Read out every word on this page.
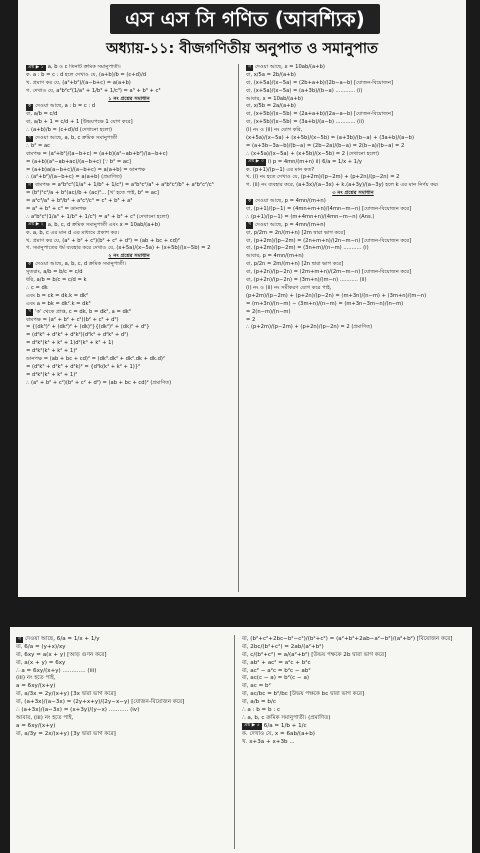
এস এস সি গণিত (আবশ্যিক)
অধ্যায়-১১: বীজগণিতীয় অনুপাত ও সমানুপাত
প্রশ্ন ▶ ১ a, b ও c তিনটি ক্রমিক সমানুপাতী।
ক. a : b = c : d হলে দেখাও যে, (a+b)/b = (c+d)/d
খ. প্রমাণ কর যে, (a²+b²)/(a−b+c) = a(a+b)
গ. দেখাও যে, a²b²c²(1/a³ + 1/b³ + 1/c³) = a³ + b³ + c³
১ নং প্রশ্নের সমাধান
ক দেওয়া আছে, a : b = c : d
বা, a/b = c/d
বা, a/b + 1 = c/d + 1 [উভয়পক্ষে 1 যোগ করে]
∴ (a+b)/b = (c+d)/d (দেখানো হলো)
খ দেওয়া আছে, a, b, c ক্রমিক সমানুপাতী
∴ b² = ac
বামপক্ষ = (a²+b²)/(a−b+c) = (a+b)(a²−ab+b²)/(a−b+c)
= (a+b)(a²−ab+ac)/(a−b+c) [∵ b² = ac]
= (a+b)a(a−b+c)/(a−b+c) = a(a+b) = ডানপক্ষ
∴ (a²+b²)/(a−b+c) = a(a+b) (প্রমাণিত)
গ বামপক্ষ = a²b²c²(1/a³ + 1/b³ + 1/c³) = a²b²c²/a³ + a²b²c²/b³ + a²b²c²/c³
= (b²)²c²/a + b²(ac)/b + (ac)²... [খ' হতে পাই, b² = ac]
= a⁴c³/a³ + b⁶/b³ + a³c⁴/c³ = c³ + b³ + a³
= a³ + b³ + c³ = ডানপক্ষ
∴ a²b²c²(1/a³ + 1/b³ + 1/c³) = a³ + b³ + c³ (দেখানো হলো)
প্রশ্ন ▶ ২ a, b, c, d ক্রমিক সমানুপাতী এবং x = 10ab/(a+b)
ক. a, b, c এর মান d এর মাধ্যমে প্রকাশ কর।
খ. প্রমাণ কর যে, (a² + b² + c²)(b² + c² + d²) = (ab + bc + cd)²
গ. সমানুপাতের ধর্ম ব্যবহার করে দেখাও যে, (x+5a)/(x−5a) + (x+5b)/(x−5b) = 2
২ নং প্রশ্নের সমাধান
ক দেওয়া আছে, a, b, c, d ক্রমিক সমানুপাতী।
সুতরাং, a/b = b/c = c/d
ধরি, a/b = b/c = c/d = k
∴ c = dk
এবং b = ck = dk.k = dk²
এবং a = bk = dk².k = dk³
খ 'ক' থেকে প্রাপ্ত, c = dk, b = dk², a = dk³
বামপক্ষ = (a² + b² + c²)(b² + c² + d²)
= {(dk³)² + (dk²)² + (dk)²}{(dk²)² + (dk)² + d²}
= (d²k⁶ + d²k⁴ + d²k²)(d²k⁴ + d²k² + d²)
= d²k²(k⁴ + k² + 1)d²(k⁴ + k² + 1)
= d⁴k²(k⁴ + k² + 1)²
ডানপক্ষ = (ab + bc + cd)² = (dk³.dk² + dk².dk + dk.d)²
= (d²k⁵ + d²k³ + d²k)² = {d²k(k⁴ + k² + 1)}²
= d⁴k²(k⁴ + k² + 1)²
∴ (a² + b² + c²)(b² + c² + d²) = (ab + bc + cd)² (প্রমাণিত)
গ দেওয়া আছে, x = 10ab/(a+b)
বা, x/5a = 2b/(a+b)
বা, (x+5a)/(x−5a) = (2b+a+b)/(2b−a−b) [যোজন-বিয়োজন]
বা, (x+5a)/(x−5a) = (a+3b)/(b−a) ............ (i)
আবার, x = 10ab/(a+b)
বা, x/5b = 2a/(a+b)
বা, (x+5b)/(x−5b) = (2a+a+b)/(2a−a−b) [যোজন-বিয়োজন]
বা, (x+5b)/(x−5b) = (3a+b)/(a−b) ............ (ii)
(i) নং ও (ii) নং যোগ করি,
(x+5a)/(x−5a) + (x+5b)/(x−5b) = (a+3b)/(b−a) + (3a+b)/(a−b)
= (a+3b−3a−b)/(b−a) = (2b−2a)/(b−a) = 2(b−a)/(b−a) = 2
∴ (x+5a)/(x−5a) + (x+5b)/(x−5b) = 2 (দেখানো হলো)
প্রশ্ন ▶ ৩ i) p = 4mn/(m+n) ii) 6/a = 1/x + 1/y
ক. (p+1)/(p−1) এর মান কত?
খ. (i) নং হতে দেখাও যে, (p+2m)/(p−2m) + (p+2n)/(p−2n) = 2
গ. (ii) নং ব্যবহার করে, (a+3x)/(a−3x) + k.(a+3y)/(a−3y) হলে k এর মান নির্ণয় কর।
৩ নং প্রশ্নের সমাধান
ক দেওয়া আছে, p = 4mn/(m+n)
বা, (p+1)/(p−1) = (4mn+m+n)/(4mn−m−n) [যোজন-বিয়োজন করে]
∴ (p+1)/(p−1) = (m+4mn+n)/(4mn−m−n) (Ans.)
খ দেওয়া আছে, p = 4mn/(m+n)
বা, p/2m = 2n/(m+n) [2m দ্বারা ভাগ করে]
বা, (p+2m)/(p−2m) = (2n+m+n)/(2n−m−n) [যোজন-বিয়োজন করে]
বা, (p+2m)/(p−2m) = (3n+m)/(n−m) ........... (i)
আবার, p = 4mn/(m+n)
বা, p/2n = 2m/(m+n) [2n দ্বারা ভাগ করে]
বা, (p+2n)/(p−2n) = (2m+m+n)/(2m−m−n) [যোজন-বিয়োজন করে]
বা, (p+2n)/(p−2n) = (3m+n)/(m−n) ........... (ii)
(i) নং ও (ii) নং সমীকরণ যোগ করে পাই,
(p+2m)/(p−2m) + (p+2n)/(p−2n) = (m+3n)/(n−m) + (3m+n)/(m−n)
= (m+3n)/(n−m) − (3m+n)/(n−m) = (m+3n−3m−n)/(n−m)
= 2(n−m)/(n−m)
= 2
∴ (p+2m)/(p−2m) + (p+2n)/(p−2n) = 2 (প্রমাণিত)
গ দেওয়া আছে, 6/a = 1/x + 1/y
বা, 6/a = (y+x)/xy
বা, 6xy = a(x + y) [আড় গুণন করে]
বা, a(x + y) = 6xy
∴ a = 6xy/(x+y) ............. (iii)
(iii) নং হতে পাই,
a = 6xy/(x+y)
বা, a/3x = 2y/(x+y) [3x দ্বারা ভাগ করে]
বা, (a+3x)/(a−3x) = (2y+x+y)/(2y−x−y) [যোজন-বিয়োজন করে]
∴ (a+3x)/(a−3x) = (x+3y)/(y−x) ........... (iv)
আবার, (iii) নং হতে পাই,
a = 6xy/(x+y)
বা, a/3y = 2x/(x+y) [3y দ্বারা ভাগ করে]
বা, (b²+c²+2bc−b²−c²)/(b²+c²) = (a²+b²+2ab−a²−b²)/(a²+b²) [বিয়োজন করে]
বা, 2bc/(b²+c²) = 2ab/(a²+b²)
বা, c/(b²+c²) = a/(a²+b²) [উভয় পক্ষকে 2b দ্বারা ভাগ করে]
বা, ab² + ac² = a²c + b²c
বা, ac² − a²c = b²c − ab²
বা, ac(c − a) = b²(c − a)
বা, ac = b²
বা, ac/bc = b²/bc [উভয় পক্ষকে bc দ্বারা ভাগ করে]
বা, a/b = b/c
∴ a : b = b : c
∴ a, b, c ক্রমিক সমানুপাতী। (প্রমাণিত)
প্রশ্ন ▶ ৫ 6/a = 1/b + 1/c
ক. দেখাও যে, x = 6ab/(a+b)
খ. x+3a + x+3b ...
